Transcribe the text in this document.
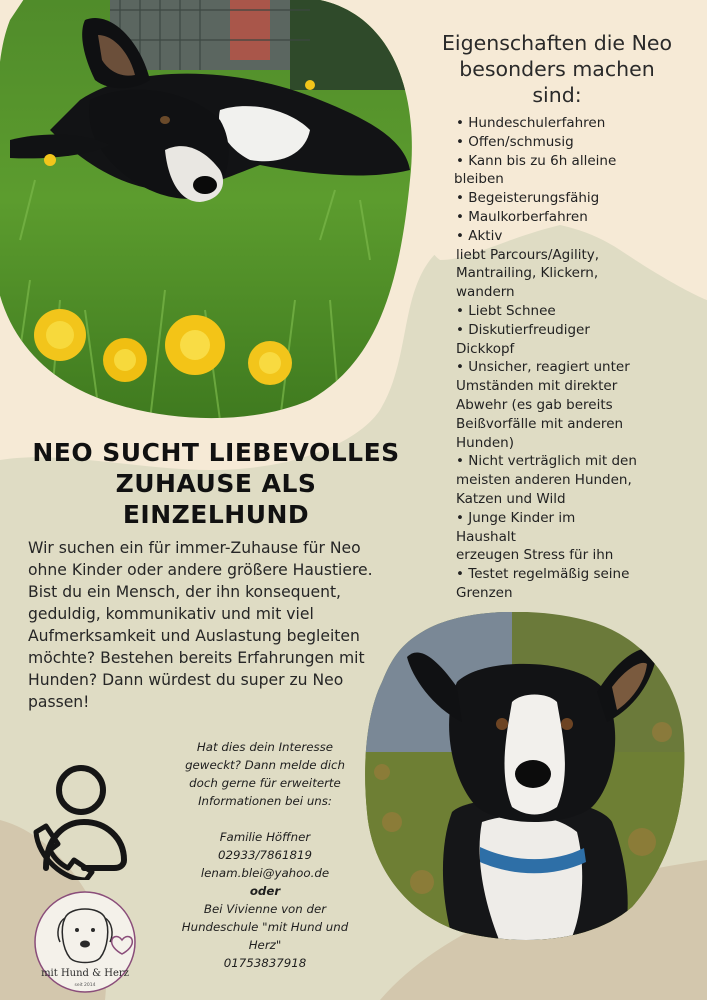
Eigenschaften die Neo
besonders machen
sind:
• Hundeschulerfahren
• Offen/schmusig
• Kann bis zu 6h alleine
bleiben
• Begeisterungsfähig
• Maulkorberfahren
• Aktiv
liebt Parcours/Agility,
Mantrailing, Klickern,
wandern
• Liebt Schnee
• Diskutierfreudiger
Dickkopf
• Unsicher, reagiert unter
Umständen mit direkter
Abwehr (es gab bereits
Beißvorfälle mit anderen
Hunden)
• Nicht verträglich mit den
meisten anderen Hunden,
Katzen und Wild
• Junge Kinder im
Haushalt
erzeugen Stress für ihn
• Testet regelmäßig seine
Grenzen
NEO SUCHT LIEBEVOLLES
ZUHAUSE ALS
EINZELHUND

Wir suchen ein für immer-Zuhause für Neo ohne Kinder oder andere größere Haustiere.

Bist du ein Mensch, der ihn konsequent, geduldig, kommunikativ und mit viel Aufmerksamkeit und Auslastung begleiten möchte? Bestehen bereits Erfahrungen mit Hunden? Dann würdest du super zu Neo passen!

Hat dies dein Interesse

geweckt? Dann melde dich

doch gerne für erweiterte

Informationen bei uns:

Familie Höffner

02933/7861819

lenam.blei@yahoo.de

oder

Bei Vivienne von der

Hundeschule "mit Hund und

Herz"

01753837918

mit Hund & Herz
seit 2014
